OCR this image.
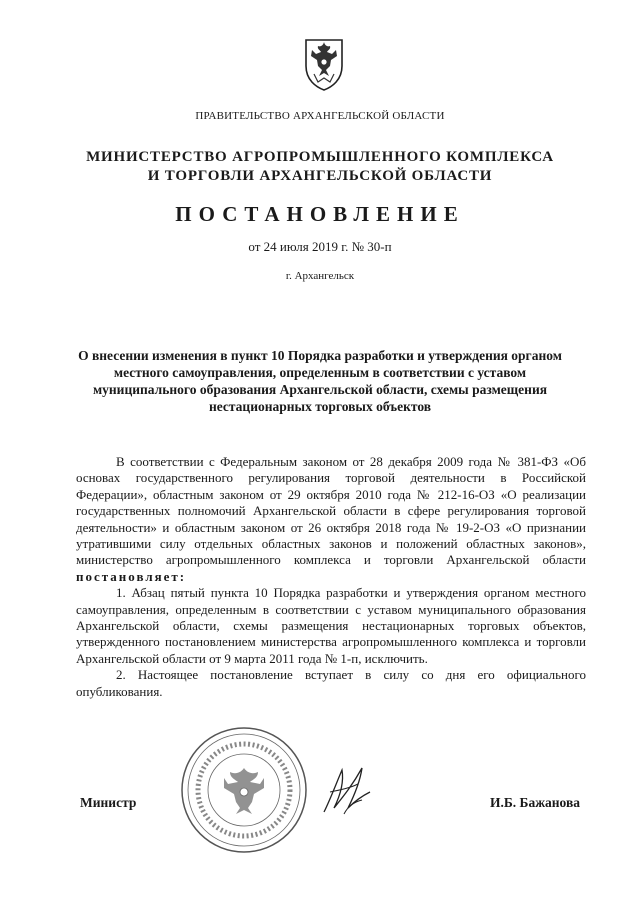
ПРАВИТЕЛЬСТВО АРХАНГЕЛЬСКОЙ ОБЛАСТИ
МИНИСТЕРСТВО АГРОПРОМЫШЛЕННОГО КОМПЛЕКСА
И ТОРГОВЛИ АРХАНГЕЛЬСКОЙ ОБЛАСТИ
ПОСТАНОВЛЕНИЕ
от 24 июля 2019 г. № 30-п
г. Архангельск
О внесении изменения в пункт 10 Порядка разработки и утверждения органом местного самоуправления, определенным в соответствии с уставом муниципального образования Архангельской области, схемы размещения нестационарных торговых объектов

В соответствии с Федеральным законом от 28 декабря 2009 года № 381-ФЗ «Об основах государственного регулирования торговой деятельности в Российской Федерации», областным законом от 29 октября 2010 года № 212-16-ОЗ «О реализации государственных полномочий Архангельской области в сфере регулирования торговой деятельности» и областным законом от 26 октября 2018 года № 19-2-ОЗ «О признании утратившими силу отдельных областных законов и положений областных законов», министерство агропромышленного комплекса и торговли Архангельской области постановляет:

1. Абзац пятый пункта 10 Порядка разработки и утверждения органом местного самоуправления, определенным в соответствии с уставом муниципального образования Архангельской области, схемы размещения нестационарных торговых объектов, утвержденного постановлением министерства агропромышленного комплекса и торговли Архангельской области от 9 марта 2011 года № 1-п, исключить.

2. Настоящее постановление вступает в силу со дня его официального опубликования.

Министр	И.Б. Бажанова
